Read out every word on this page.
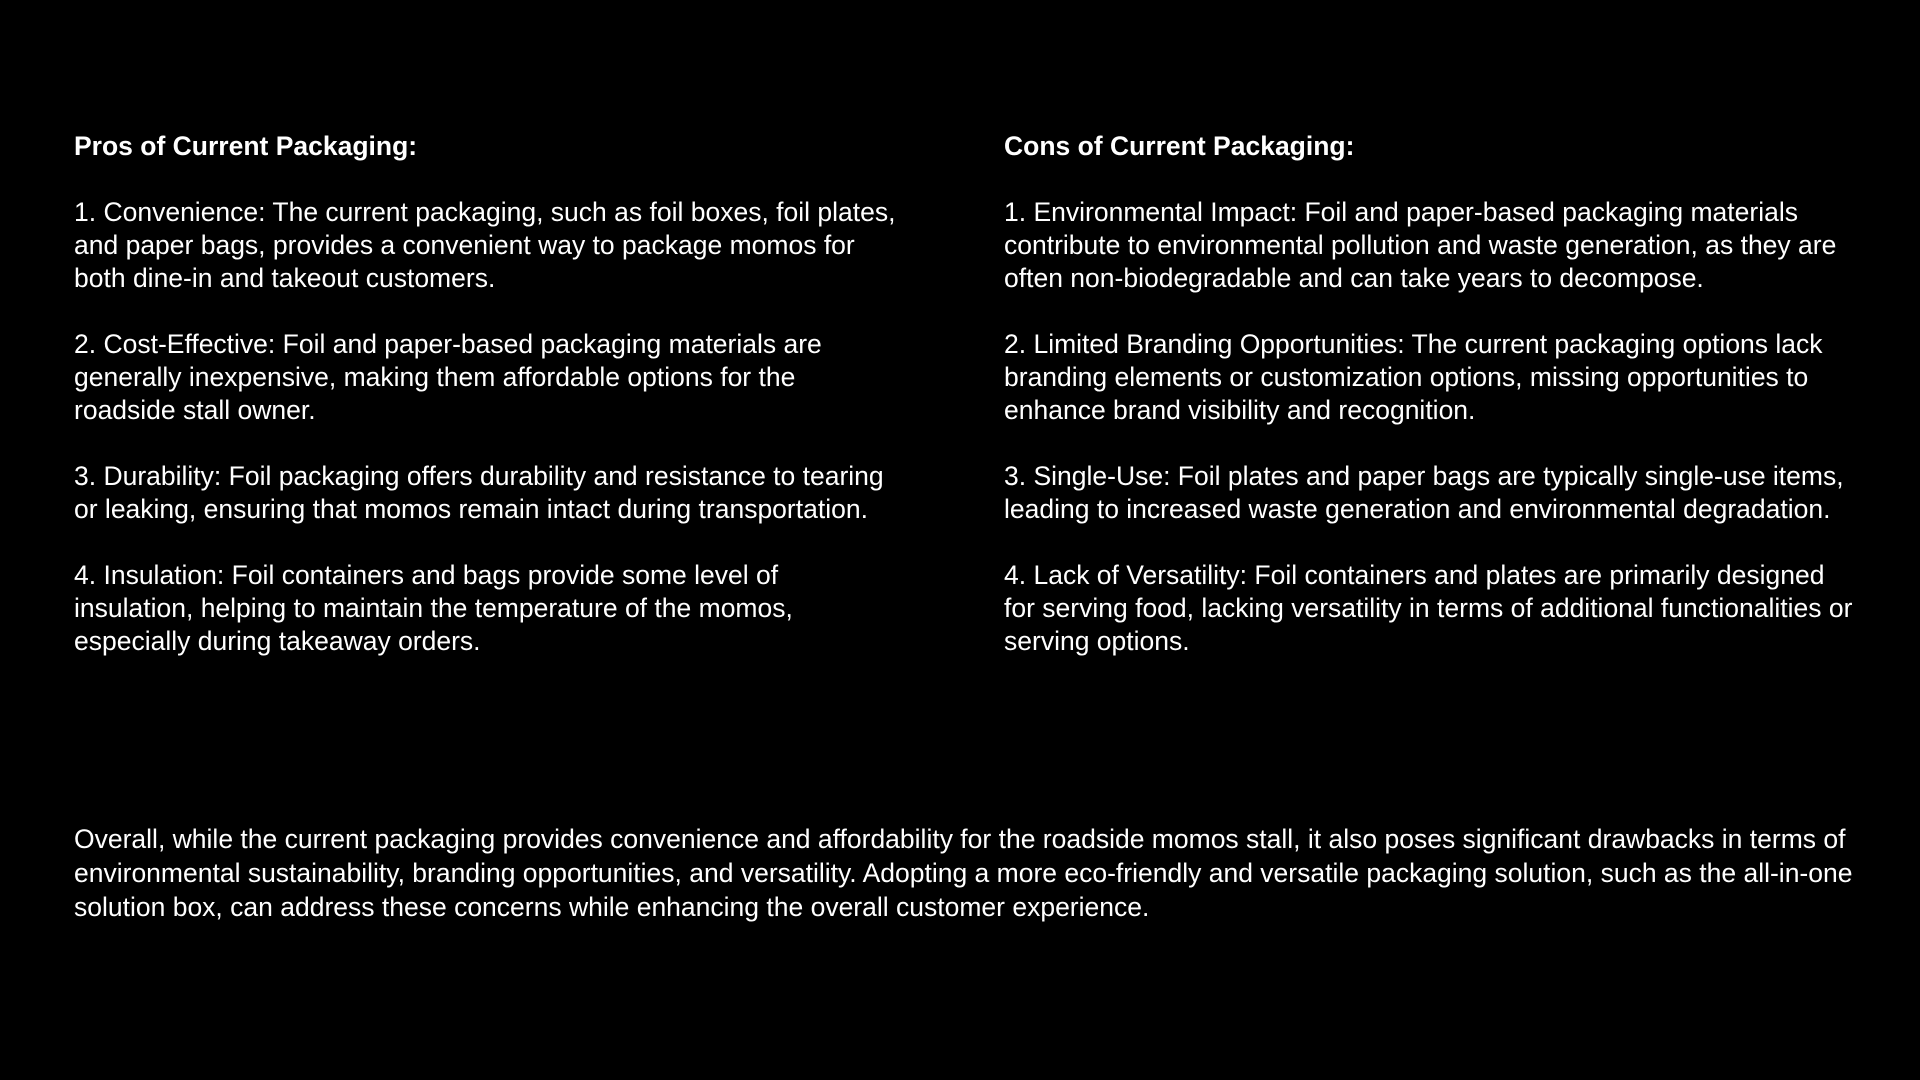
Pros of Current Packaging:

1. Convenience: The current packaging, such as foil boxes, foil plates, and paper bags, provides a convenient way to package momos for both dine-in and takeout customers.

2. Cost-Effective: Foil and paper-based packaging materials are generally inexpensive, making them affordable options for the roadside stall owner.

3. Durability: Foil packaging offers durability and resistance to tearing or leaking, ensuring that momos remain intact during transportation.

4. Insulation: Foil containers and bags provide some level of insulation, helping to maintain the temperature of the momos, especially during takeaway orders.

Cons of Current Packaging:

1. Environmental Impact: Foil and paper-based packaging materials contribute to environmental pollution and waste generation, as they are often non-biodegradable and can take years to decompose.

2. Limited Branding Opportunities: The current packaging options lack branding elements or customization options, missing opportunities to enhance brand visibility and recognition.

3. Single-Use: Foil plates and paper bags are typically single-use items, leading to increased waste generation and environmental degradation.

4. Lack of Versatility: Foil containers and plates are primarily designed for serving food, lacking versatility in terms of additional functionalities or serving options.

Overall, while the current packaging provides convenience and affordability for the roadside momos stall, it also poses significant drawbacks in terms of environmental sustainability, branding opportunities, and versatility. Adopting a more eco-friendly and versatile packaging solution, such as the all-in-one solution box, can address these concerns while enhancing the overall customer experience.
